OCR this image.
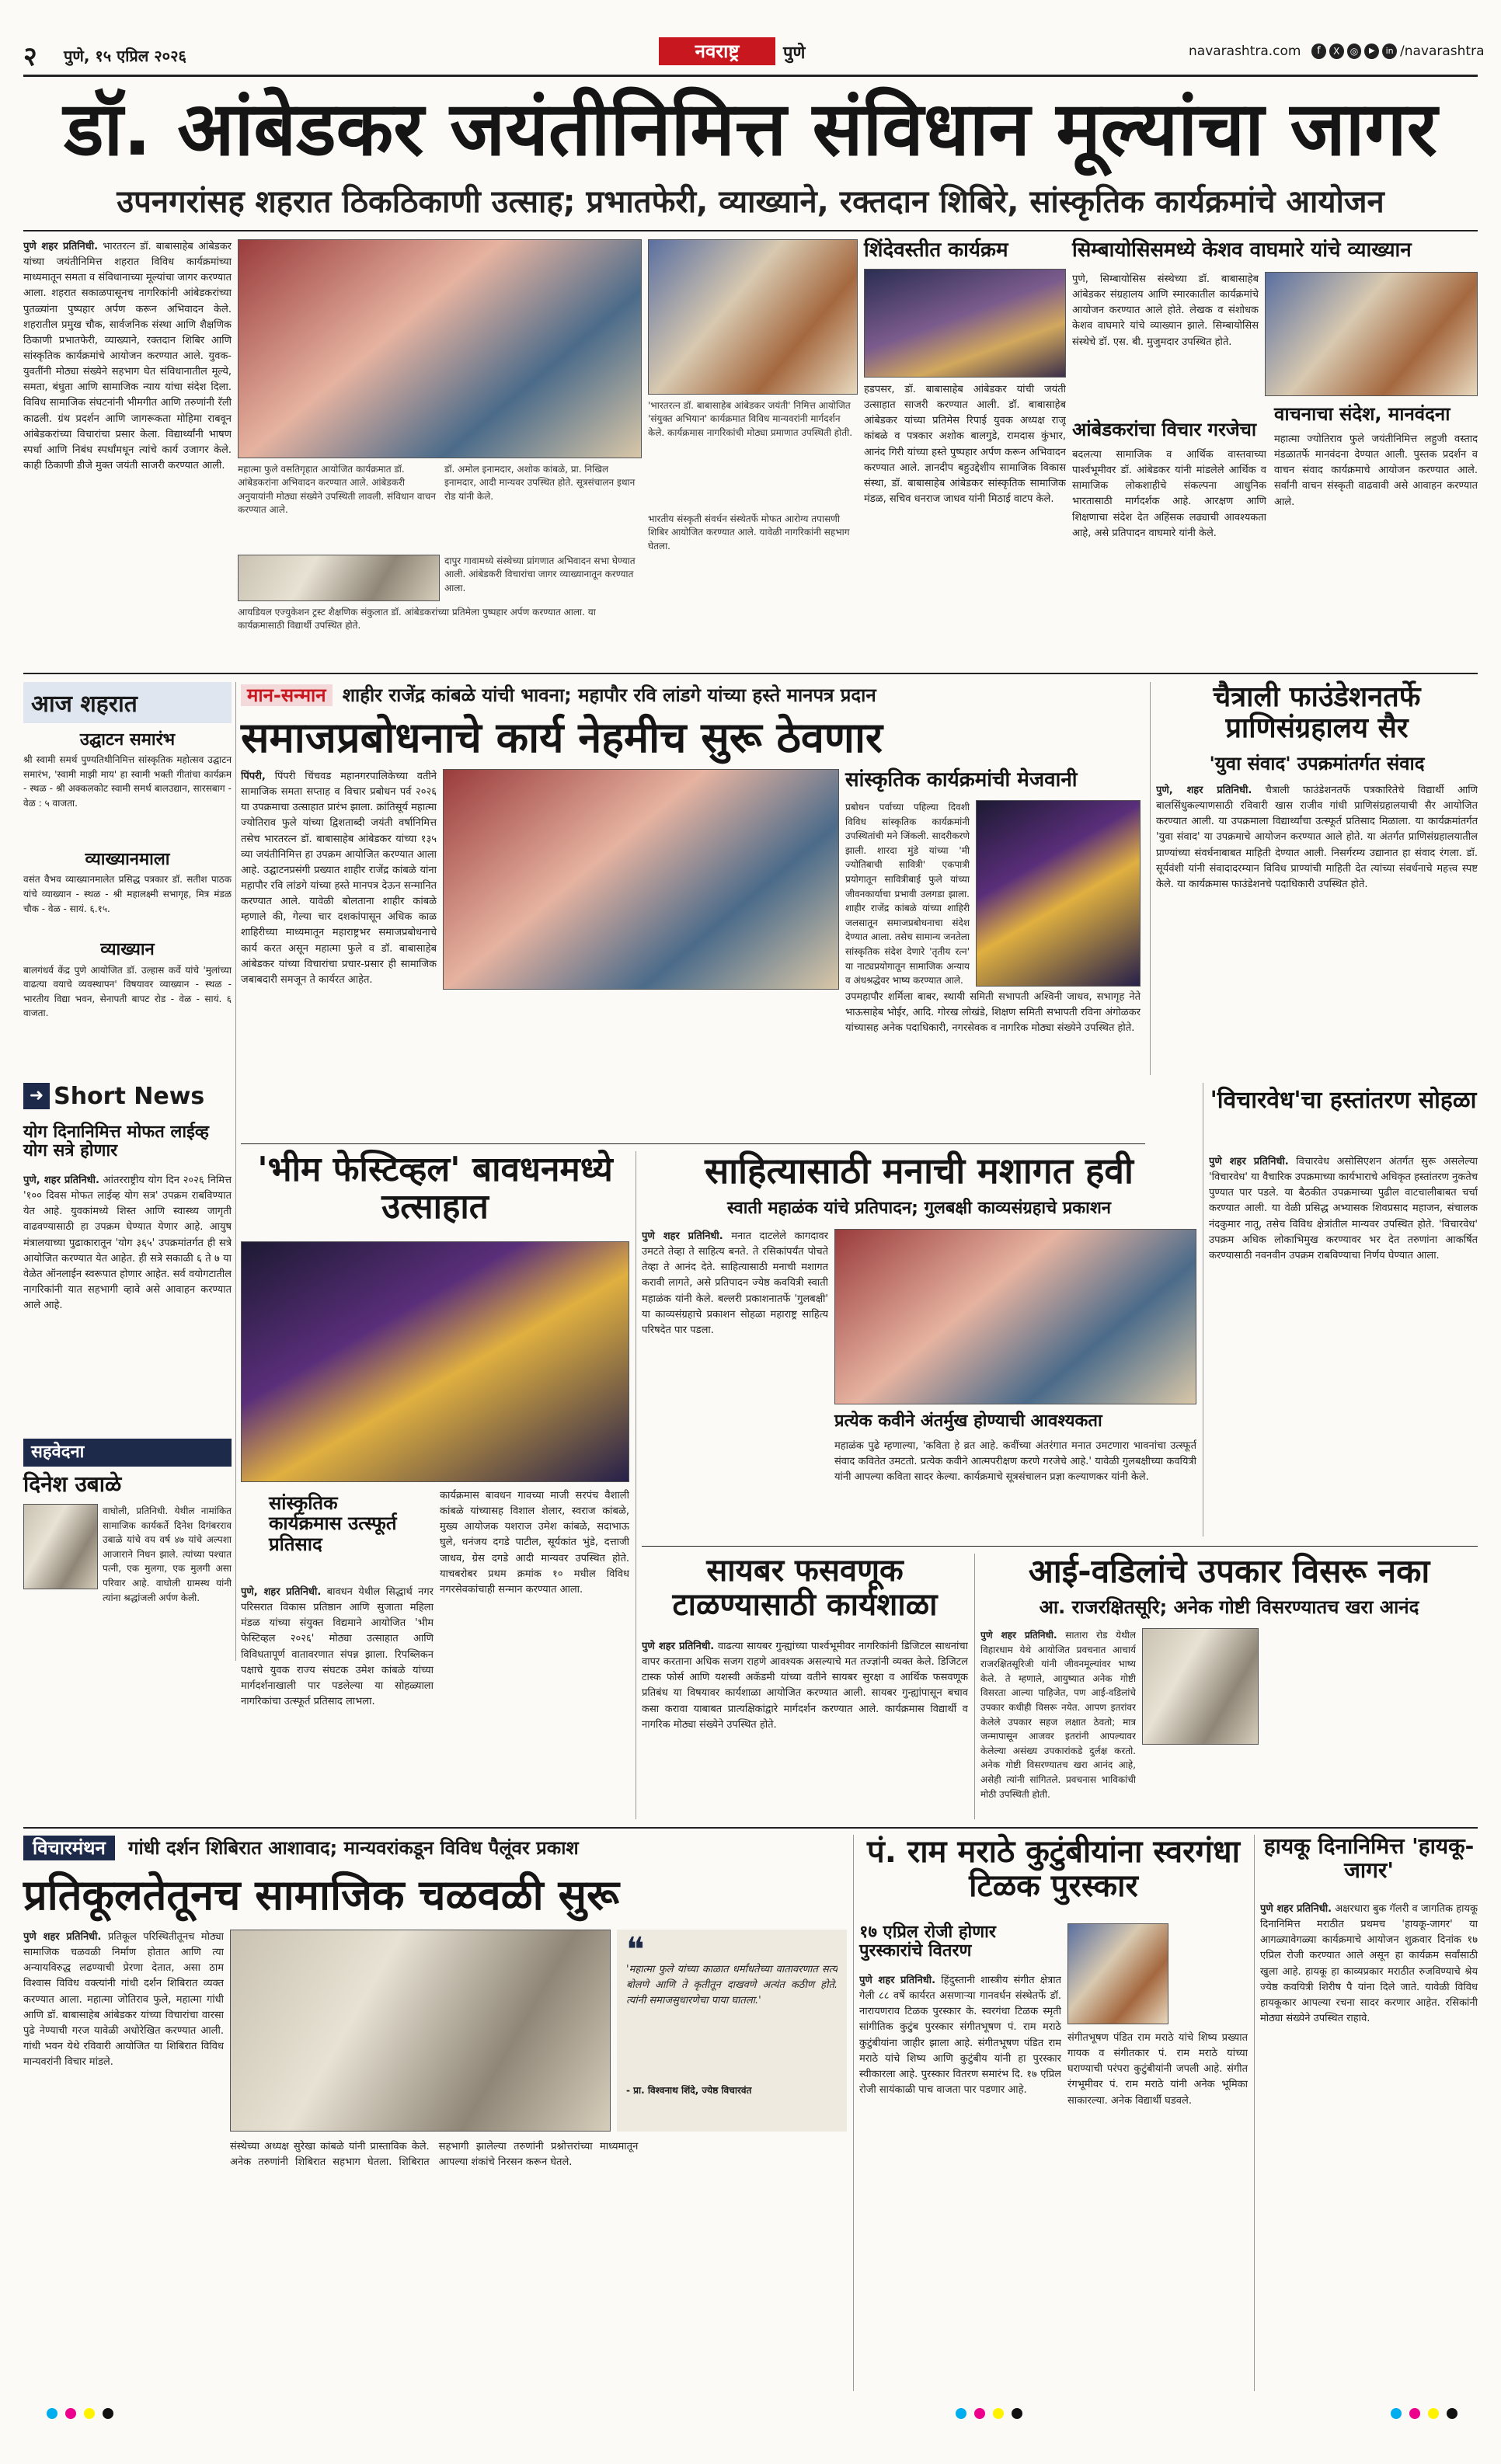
२ पुणे, १५ एप्रिल २०२६	नवराष्ट्र	पुणे	navarashtra.com	f	X	◎	▶	in /navarashtra
डॉ. आंबेडकर जयंतीनिमित्त संविधान मूल्यांचा जागर
उपनगरांसह शहरात ठिकठिकाणी उत्साह; प्रभातफेरी, व्याख्याने, रक्तदान शिबिरे, सांस्कृतिक कार्यक्रमांचे आयोजन
पुणे शहर प्रतिनिधी. भारतरत्न डॉ. बाबासाहेब आंबेडकर यांच्या जयंतीनिमित्त शहरात विविध कार्यक्रमांच्या माध्यमातून समता व संविधानाच्या मूल्यांचा जागर करण्यात आला. शहरात सकाळपासूनच नागरिकांनी आंबेडकरांच्या पुतळ्यांना पुष्पहार अर्पण करून अभिवादन केले. शहरातील प्रमुख चौक, सार्वजनिक संस्था आणि शैक्षणिक ठिकाणी प्रभातफेरी, व्याख्याने, रक्तदान शिबिर आणि सांस्कृतिक कार्यक्रमांचे आयोजन करण्यात आले. युवक-युवतींनी मोठ्या संख्येने सहभाग घेत संविधानातील मूल्ये, समता, बंधुता आणि सामाजिक न्याय यांचा संदेश दिला. विविध सामाजिक संघटनांनी भीमगीत आणि तरुणांनी रॅली काढली. ग्रंथ प्रदर्शन आणि जागरूकता मोहिमा राबवून आंबेडकरांच्या विचारांचा प्रसार केला. विद्यार्थ्यांनी भाषण स्पर्धा आणि निबंध स्पर्धांमधून त्यांचे कार्य उजागर केले. काही ठिकाणी डीजे मुक्त जयंती साजरी करण्यात आली.	महात्मा फुले वसतिगृहात आयोजित कार्यक्रमात डॉ. आंबेडकरांना अभिवादन करण्यात आले. आंबेडकरी अनुयायांनी मोठ्या संख्येने उपस्थिती लावली. संविधान वाचन करण्यात आले.
डॉ. अमोल इनामदार, अशोक कांबळे, प्रा. निखिल इनामदार, आदी मान्यवर उपस्थित होते. सूत्रसंचालन इथान रोड यांनी केले.
आयडियल एज्युकेशन ट्रस्ट शैक्षणिक संकुलात डॉ. आंबेडकरांच्या प्रतिमेला पुष्पहार अर्पण करण्यात आला. या कार्यक्रमासाठी विद्यार्थी उपस्थित होते.
'भारतरत्न डॉ. बाबासाहेब आंबेडकर जयंती' निमित्त आयोजित 'संयुक्त अभियान' कार्यक्रमात विविध मान्यवरांनी मार्गदर्शन केले. कार्यक्रमास नागरिकांची मोठ्या प्रमाणात उपस्थिती होती.
भारतीय संस्कृती संवर्धन संस्थेतर्फे मोफत आरोग्य तपासणी शिबिर आयोजित करण्यात आले. यावेळी नागरिकांनी सहभाग घेतला.
दापुर गावामध्ये संस्थेच्या प्रांगणात अभिवादन सभा घेण्यात आली. आंबेडकरी विचारांचा जागर व्याख्यानातून करण्यात आला.
शिंदेवस्तीत कार्यक्रम
हडपसर, डॉ. बाबासाहेब आंबेडकर यांची जयंती उत्साहात साजरी करण्यात आली. डॉ. बाबासाहेब आंबेडकर यांच्या प्रतिमेस रिपाई युवक अध्यक्ष राजू कांबळे व पत्रकार अशोक बालगुडे, रामदास कुंभार, आनंद गिरी यांच्या हस्ते पुष्पहार अर्पण करून अभिवादन करण्यात आले. ज्ञानदीप बहुउद्देशीय सामाजिक विकास संस्था, डॉ. बाबासाहेब आंबेडकर सांस्कृतिक सामाजिक मंडळ, सचिव धनराज जाधव यांनी मिठाई वाटप केले.
सिम्बायोसिसमध्ये केशव वाघमारे यांचे व्याख्यान
पुणे, सिम्बायोसिस संस्थेच्या डॉ. बाबासाहेब आंबेडकर संग्रहालय आणि स्मारकातील कार्यक्रमांचे आयोजन करण्यात आले होते. लेखक व संशोधक केशव वाघमारे यांचे व्याख्यान झाले. सिम्बायोसिस संस्थेचे डॉ. एस. बी. मुजुमदार उपस्थित होते.
आंबेडकरांचा विचार गरजेचा
बदलत्या सामाजिक व आर्थिक वास्तवाच्या पार्श्वभूमीवर डॉ. आंबेडकर यांनी मांडलेले आर्थिक व सामाजिक लोकशाहीचे संकल्पना आधुनिक भारतासाठी मार्गदर्शक आहे. आरक्षण आणि शिक्षणाचा संदेश देत अहिंसक लढ्याची आवश्यकता आहे, असे प्रतिपादन वाघमारे यांनी केले.
वाचनाचा संदेश, मानवंदना
महात्मा ज्योतिराव फुले जयंतीनिमित्त लहुजी वस्ताद मंडळातर्फे मानवंदना देण्यात आली. पुस्तक प्रदर्शन व वाचन संवाद कार्यक्रमाचे आयोजन करण्यात आले. सर्वांनी वाचन संस्कृती वाढवावी असे आवाहन करण्यात आले.
आज शहरात
उद्घाटन समारंभ
श्री स्वामी समर्थ पुण्यतिथीनिमित्त सांस्कृतिक महोत्सव उद्घाटन समारंभ, 'स्वामी माझी माय' हा स्वामी भक्ती गीतांचा कार्यक्रम - स्थळ - श्री अक्कलकोट स्वामी समर्थ बालउद्यान, सारसबाग - वेळ : ५ वाजता.
व्याख्यानमाला
वसंत वैभव व्याख्यानमालेत प्रसिद्ध पत्रकार डॉ. सतीश पाठक यांचे व्याख्यान - स्थळ - श्री महालक्ष्मी सभागृह, मित्र मंडळ चौक - वेळ - सायं. ६.१५.
व्याख्यान
बालगंधर्व केंद्र पुणे आयोजित डॉ. उल्हास कर्वे यांचे 'मुलांच्या वाढत्या वयाचे व्यवस्थापन' विषयावर व्याख्यान - स्थळ - भारतीय विद्या भवन, सेनापती बापट रोड - वेळ - सायं. ६ वाजता.
➜ Short News
योग दिनानिमित्त मोफत लाईव्ह योग सत्रे होणार
पुणे, शहर प्रतिनिधी. आंतरराष्ट्रीय योग दिन २०२६ निमित्त '१०० दिवस मोफत लाईव्ह योग सत्र' उपक्रम राबविण्यात येत आहे. युवकांमध्ये शिस्त आणि स्वास्थ्य जागृती वाढवण्यासाठी हा उपक्रम घेण्यात येणार आहे. आयुष मंत्रालयाच्या पुढाकारातून 'योग ३६५' उपक्रमांतर्गत ही सत्रे आयोजित करण्यात येत आहेत. ही सत्रे सकाळी ६ ते ७ या वेळेत ऑनलाईन स्वरूपात होणार आहेत. सर्व वयोगटातील नागरिकांनी यात सहभागी व्हावे असे आवाहन करण्यात आले आहे.
सहवेदना
दिनेश उबाळे
वाघोली, प्रतिनिधी. येथील नामांकित सामाजिक कार्यकर्ते दिनेश दिगंबरराव उबाळे यांचे वय वर्ष ४७ यांचे अल्पशा आजाराने निधन झाले. त्यांच्या पश्चात पत्नी, एक मुलगा, एक मुलगी असा परिवार आहे. वाघोली ग्रामस्थ यांनी त्यांना श्रद्धांजली अर्पण केली.
मान-सन्मान शाहीर राजेंद्र कांबळे यांची भावना; महापौर रवि लांडगे यांच्या हस्ते मानपत्र प्रदान
समाजप्रबोधनाचे कार्य नेहमीच सुरू ठेवणार
पिंपरी, पिंपरी चिंचवड महानगरपालिकेच्या वतीने सामाजिक समता सप्ताह व विचार प्रबोधन पर्व २०२६ या उपक्रमाचा उत्साहात प्रारंभ झाला. क्रांतिसूर्य महात्मा ज्योतिराव फुले यांच्या द्विशताब्दी जयंती वर्षानिमित्त तसेच भारतरत्न डॉ. बाबासाहेब आंबेडकर यांच्या १३५ व्या जयंतीनिमित्त हा उपक्रम आयोजित करण्यात आला आहे. उद्घाटनप्रसंगी प्रख्यात शाहीर राजेंद्र कांबळे यांना महापौर रवि लांडगे यांच्या हस्ते मानपत्र देऊन सन्मानित करण्यात आले. यावेळी बोलताना शाहीर कांबळे म्हणाले की, गेल्या चार दशकांपासून अधिक काळ शाहिरीच्या माध्यमातून महाराष्ट्रभर समाजप्रबोधनाचे कार्य करत असून महात्मा फुले व डॉ. बाबासाहेब आंबेडकर यांच्या विचारांचा प्रचार-प्रसार ही सामाजिक जबाबदारी समजून ते कार्यरत आहेत.
उपमहापौर शर्मिला बाबर, स्थायी समिती सभापती अश्विनी जाधव, सभागृह नेते भाऊसाहेब भोईर, आदि. गोरख लोखंडे, शिक्षण समिती सभापती रविना अंगोळकर यांच्यासह अनेक पदाधिकारी, नगरसेवक व नागरिक मोठ्या संख्येने उपस्थित होते.
सांस्कृतिक कार्यक्रमांची मेजवानी
प्रबोधन पर्वाच्या पहिल्या दिवशी विविध सांस्कृतिक कार्यक्रमांनी उपस्थितांची मने जिंकली. सादरीकरणे झाली. शारदा मुंडे यांच्या 'मी ज्योतिबाची सावित्री' एकपात्री प्रयोगातून सावित्रीबाई फुले यांच्या जीवनकार्याचा प्रभावी उलगडा झाला. शाहीर राजेंद्र कांबळे यांच्या शाहिरी जलसातून समाजप्रबोधनाचा संदेश देण्यात आला. तसेच सामान्य जनतेला सांस्कृतिक संदेश देणारे 'तृतीय रत्न' या नाट्यप्रयोगातून सामाजिक अन्याय व अंधश्रद्धेवर भाष्य करण्यात आले.
चैत्राली फाउंडेशनतर्फे प्राणिसंग्रहालय सैर
'युवा संवाद' उपक्रमांतर्गत संवाद
पुणे, शहर प्रतिनिधी. चैत्राली फाउंडेशनतर्फे पत्रकारितेचे विद्यार्थी आणि बालसिंधुकल्याणसाठी रविवारी खास राजीव गांधी प्राणिसंग्रहालयाची सैर आयोजित करण्यात आली. या उपक्रमाला विद्यार्थ्यांचा उत्स्फूर्त प्रतिसाद मिळाला. या कार्यक्रमांतर्गत 'युवा संवाद' या उपक्रमाचे आयोजन करण्यात आले होते. या अंतर्गत प्राणिसंग्रहालयातील प्राण्यांच्या संवर्धनाबाबत माहिती देण्यात आली. निसर्गरम्य उद्यानात हा संवाद रंगला. डॉ. सूर्यवंशी यांनी संवादादरम्यान विविध प्राण्यांची माहिती देत त्यांच्या संवर्धनाचे महत्त्व स्पष्ट केले. या कार्यक्रमास फाउंडेशनचे पदाधिकारी उपस्थित होते.
'भीम फेस्टिव्हल' बावधनमध्ये उत्साहात
सांस्कृतिक कार्यक्रमास उत्स्फूर्त प्रतिसाद
पुणे, शहर प्रतिनिधी. बावधन येथील सिद्धार्थ नगर परिसरात विकास प्रतिष्ठान आणि सुजाता महिला मंडळ यांच्या संयुक्त विद्यमाने आयोजित 'भीम फेस्टिव्हल २०२६' मोठ्या उत्साहात आणि विविधतापूर्ण वातावरणात संपन्न झाला. रिपब्लिकन पक्षाचे युवक राज्य संघटक उमेश कांबळे यांच्या मार्गदर्शनाखाली पार पडलेल्या या सोहळ्याला नागरिकांचा उत्स्फूर्त प्रतिसाद लाभला.
कार्यक्रमास बावधन गावच्या माजी सरपंच वैशाली कांबळे यांच्यासह विशाल शेलार, स्वराज कांबळे, मुख्य आयोजक यशराज उमेश कांबळे, सदाभाऊ घुले, धनंजय दगडे पाटील, सूर्यकांत भुंडे, दत्ताजी जाधव, ग्रेस दगडे आदी मान्यवर उपस्थित होते. याचबरोबर प्रथम क्रमांक १० मधील विविध नगरसेवकांचाही सन्मान करण्यात आला.
साहित्यासाठी मनाची मशागत हवी
स्वाती महाळंक यांचे प्रतिपादन; गुलबक्षी काव्यसंग्रहाचे प्रकाशन
पुणे शहर प्रतिनिधी. मनात दाटलेले कागदावर उमटते तेव्हा ते साहित्य बनते. ते रसिकांपर्यंत पोचते तेव्हा ते आनंद देते. साहित्यासाठी मनाची मशागत करावी लागते, असे प्रतिपादन ज्येष्ठ कवयित्री स्वाती महाळंक यांनी केले. बल्लरी प्रकाशनातर्फे 'गुलबक्षी' या काव्यसंग्रहाचे प्रकाशन सोहळा महाराष्ट्र साहित्य परिषदेत पार पडला.
प्रत्येक कवीने अंतर्मुख होण्याची आवश्यकता
महाळंक पुढे म्हणाल्या, 'कविता हे व्रत आहे. कवींच्या अंतरंगात मनात उमटणारा भावनांचा उत्स्फूर्त संवाद कवितेत उमटतो. प्रत्येक कवीने आत्मपरीक्षण करणे गरजेचे आहे.' यावेळी गुलबक्षीच्या कवयित्री यांनी आपल्या कविता सादर केल्या. कार्यक्रमाचे सूत्रसंचालन प्रज्ञा कल्याणकर यांनी केले.
'विचारवेध'चा हस्तांतरण सोहळा
पुणे शहर प्रतिनिधी. विचारवेध असोसिएशन अंतर्गत सुरू असलेल्या 'विचारवेध' या वैचारिक उपक्रमाच्या कार्यभाराचे अधिकृत हस्तांतरण नुकतेच पुण्यात पार पडले. या बैठकीत उपक्रमाच्या पुढील वाटचालीबाबत चर्चा करण्यात आली. या वेळी प्रसिद्ध अभ्यासक शिवप्रसाद महाजन, संचालक नंदकुमार नातू, तसेच विविध क्षेत्रांतील मान्यवर उपस्थित होते. 'विचारवेध' उपक्रम अधिक लोकाभिमुख करण्यावर भर देत तरुणांना आकर्षित करण्यासाठी नवनवीन उपक्रम राबविण्याचा निर्णय घेण्यात आला.
सायबर फसवणूक टाळण्यासाठी कार्यशाळा
पुणे शहर प्रतिनिधी. वाढत्या सायबर गुन्ह्यांच्या पार्श्वभूमीवर नागरिकांनी डिजिटल साधनांचा वापर करताना अधिक सजग राहणे आवश्यक असल्याचे मत तज्ज्ञांनी व्यक्त केले. डिजिटल टास्क फोर्स आणि यशस्वी अकॅडमी यांच्या वतीने सायबर सुरक्षा व आर्थिक फसवणूक प्रतिबंध या विषयावर कार्यशाळा आयोजित करण्यात आली. सायबर गुन्ह्यांपासून बचाव कसा करावा याबाबत प्रात्यक्षिकांद्वारे मार्गदर्शन करण्यात आले. कार्यक्रमास विद्यार्थी व नागरिक मोठ्या संख्येने उपस्थित होते.
आई-वडिलांचे उपकार विसरू नका
आ. राजरक्षितसूरि; अनेक गोष्टी विसरण्यातच खरा आनंद
पुणे शहर प्रतिनिधी. सातारा रोड येथील विहारधाम येथे आयोजित प्रवचनात आचार्य राजरक्षितसूरिजी यांनी जीवनमूल्यांवर भाष्य केले. ते म्हणाले, आयुष्यात अनेक गोष्टी विसरता आल्या पाहिजेत, पण आई-वडिलांचे उपकार कधीही विसरू नयेत. आपण इतरांवर केलेले उपकार सहज लक्षात ठेवतो; मात्र जन्मापासून आजवर इतरांनी आपल्यावर केलेल्या असंख्य उपकारांकडे दुर्लक्ष करतो. अनेक गोष्टी विसरण्यातच खरा आनंद आहे, असेही त्यांनी सांगितले. प्रवचनास भाविकांची मोठी उपस्थिती होती.
विचारमंथन गांधी दर्शन शिबिरात आशावाद; मान्यवरांकडून विविध पैलूंवर प्रकाश
प्रतिकूलतेतूनच सामाजिक चळवळी सुरू
पुणे शहर प्रतिनिधी. प्रतिकूल परिस्थितीतूनच मोठ्या सामाजिक चळवळी निर्माण होतात आणि त्या अन्यायविरुद्ध लढण्याची प्रेरणा देतात, असा ठाम विश्वास विविध वक्त्यांनी गांधी दर्शन शिबिरात व्यक्त करण्यात आला. महात्मा जोतिराव फुले, महात्मा गांधी आणि डॉ. बाबासाहेब आंबेडकर यांच्या विचारांचा वारसा पुढे नेण्याची गरज यावेळी अधोरेखित करण्यात आली. गांधी भवन येथे रविवारी आयोजित या शिबिरात विविध मान्यवरांनी विचार मांडले.
❝
'महात्मा फुले यांच्या काळात धर्मांधतेच्या वातावरणात सत्य बोलणे आणि ते कृतीतून दाखवणे अत्यंत कठीण होते. त्यांनी समाजसुधारणेचा पाया घातला.'
- प्रा. विश्वनाथ शिंदे, ज्येष्ठ विचारवंत
संस्थेच्या अध्यक्ष सुरेखा कांबळे यांनी प्रास्ताविक केले. अनेक तरुणांनी शिबिरात सहभाग घेतला. शिबिरात सहभागी झालेल्या तरुणांनी प्रश्नोत्तरांच्या माध्यमातून आपल्या शंकांचे निरसन करून घेतले.
पं. राम मराठे कुटुंबीयांना स्वरगंधा टिळक पुरस्कार
१७ एप्रिल रोजी होणार पुरस्कारांचे वितरण
पुणे शहर प्रतिनिधी. हिंदुस्तानी शास्त्रीय संगीत क्षेत्रात गेली ८८ वर्षे कार्यरत असणाऱ्या गानवर्धन संस्थेतर्फे डॉ. नारायणराव टिळक पुरस्कार के. स्वरगंधा टिळक स्मृती सांगीतिक कुटुंब पुरस्कार संगीतभूषण पं. राम मराठे कुटुंबीयांना जाहीर झाला आहे. संगीतभूषण पंडित राम मराठे यांचे शिष्य आणि कुटुंबीय यांनी हा पुरस्कार स्वीकारला आहे. पुरस्कार वितरण समारंभ दि. १७ एप्रिल रोजी सायंकाळी पाच वाजता पार पडणार आहे.
संगीतभूषण पंडित राम मराठे यांचे शिष्य प्रख्यात गायक व संगीतकार पं. राम मराठे यांच्या घराण्याची परंपरा कुटुंबीयांनी जपली आहे. संगीत रंगभूमीवर पं. राम मराठे यांनी अनेक भूमिका साकारल्या. अनेक विद्यार्थी घडवले.
हायकू दिनानिमित्त 'हायकू-जागर'
पुणे शहर प्रतिनिधी. अक्षरधारा बुक गॅलरी व जागतिक हायकू दिनानिमित्त मराठीत प्रथमच 'हायकू-जागर' या आगळ्यावेगळ्या कार्यक्रमाचे आयोजन शुक्रवार दिनांक १७ एप्रिल रोजी करण्यात आले असून हा कार्यक्रम सर्वांसाठी खुला आहे. हायकू हा काव्यप्रकार मराठीत रुजविण्याचे श्रेय ज्येष्ठ कवयित्री शिरीष पै यांना दिले जाते. यावेळी विविध हायकूकार आपल्या रचना सादर करणार आहेत. रसिकांनी मोठ्या संख्येने उपस्थित राहावे.
